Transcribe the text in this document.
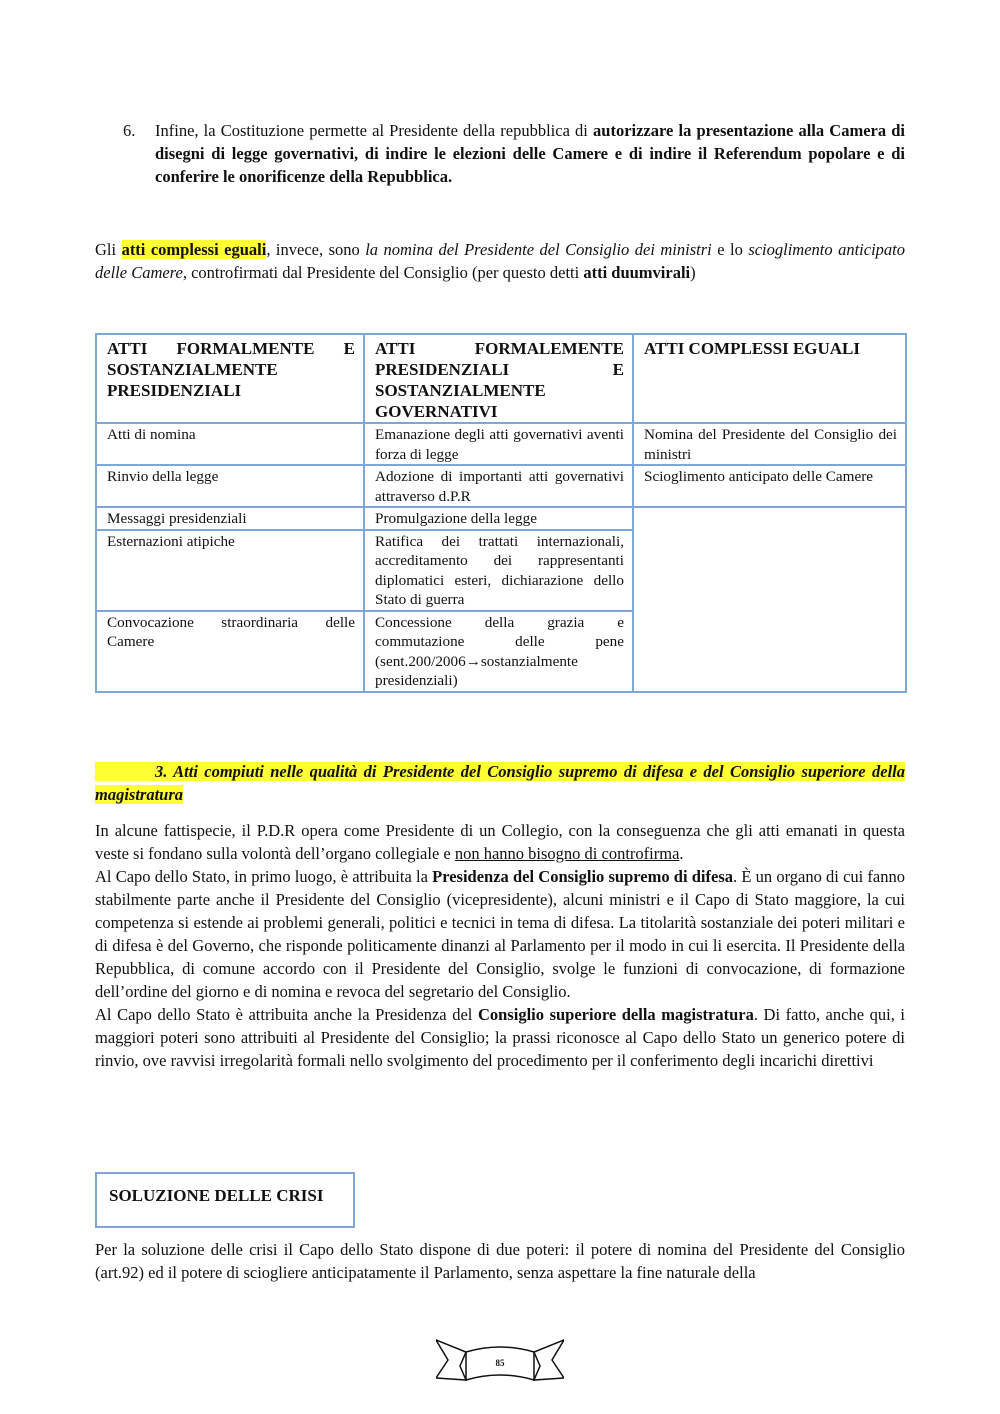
6. Infine, la Costituzione permette al Presidente della repubblica di autorizzare la presentazione alla Camera di disegni di legge governativi, di indire le elezioni delle Camere e di indire il Referendum popolare e di conferire le onorificenze della Repubblica.

Gli atti complessi eguali, invece, sono la nomina del Presidente del Consiglio dei ministri e lo scioglimento anticipato delle Camere, controfirmati dal Presidente del Consiglio (per questo detti atti duumvirali)

ATTI FORMALMENTE E SOSTANZIALMENTE PRESIDENZIALI	ATTI FORMALEMENTE PRESIDENZIALI E SOSTANZIALMENTE GOVERNATIVI	ATTI COMPLESSI EGUALI
Atti di nomina	Emanazione degli atti governativi aventi forza di legge	Nomina del Presidente del Consiglio dei ministri
Rinvio della legge	Adozione di importanti atti governativi attraverso d.P.R	Scioglimento anticipato delle Camere
Messaggi presidenziali	Promulgazione della legge	
Esternazioni atipiche	Ratifica dei trattati internazionali, accreditamento dei rappresentanti diplomatici esteri, dichiarazione dello Stato di guerra	
Convocazione straordinaria delle Camere	Concessione della grazia e commutazione delle pene (sent.200/2006→sostanzialmente presidenziali)	

3. Atti compiuti nelle qualità di Presidente del Consiglio supremo di difesa e del Consiglio superiore della magistratura

In alcune fattispecie, il P.D.R opera come Presidente di un Collegio, con la conseguenza che gli atti emanati in questa veste si fondano sulla volontà dell’organo collegiale e non hanno bisogno di controfirma.
Al Capo dello Stato, in primo luogo, è attribuita la Presidenza del Consiglio supremo di difesa. È un organo di cui fanno stabilmente parte anche il Presidente del Consiglio (vicepresidente), alcuni ministri e il Capo di Stato maggiore, la cui competenza si estende ai problemi generali, politici e tecnici in tema di difesa. La titolarità sostanziale dei poteri militari e di difesa è del Governo, che risponde politicamente dinanzi al Parlamento per il modo in cui li esercita. Il Presidente della Repubblica, di comune accordo con il Presidente del Consiglio, svolge le funzioni di convocazione, di formazione dell’ordine del giorno e di nomina e revoca del segretario del Consiglio.
Al Capo dello Stato è attribuita anche la Presidenza del Consiglio superiore della magistratura. Di fatto, anche qui, i maggiori poteri sono attribuiti al Presidente del Consiglio; la prassi riconosce al Capo dello Stato un generico potere di rinvio, ove ravvisi irregolarità formali nello svolgimento del procedimento per il conferimento degli incarichi direttivi

SOLUZIONE DELLE CRISI

Per la soluzione delle crisi il Capo dello Stato dispone di due poteri: il potere di nomina del Presidente del Consiglio (art.92) ed il potere di sciogliere anticipatamente il Parlamento, senza aspettare la fine naturale della

85
